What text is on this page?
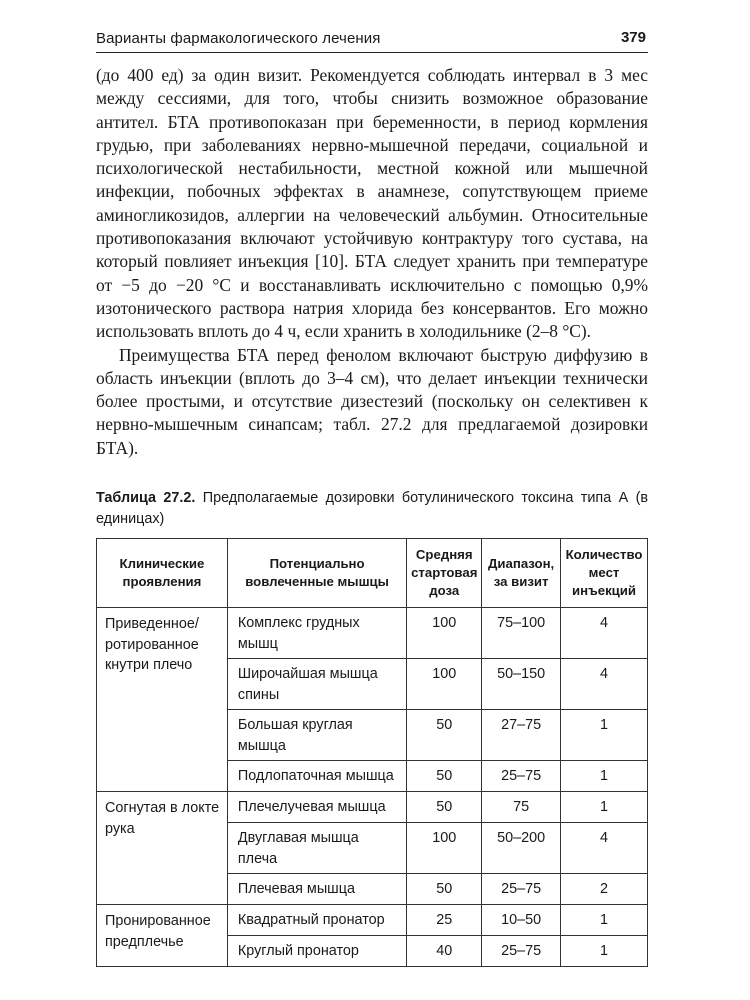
Варианты фармакологического лечения	379

(до 400 ед) за один визит. Рекомендуется соблюдать интервал в 3 мес между сессиями, для того, чтобы снизить возможное образование антител. БТА противопоказан при беременности, в период кормления грудью, при заболеваниях нервно-мышечной передачи, социальной и психологической нестабильности, местной кожной или мышечной инфекции, побочных эффектах в анамнезе, сопутствующем приеме аминогликозидов, аллергии на человеческий альбумин. Относительные противопоказания включают устойчивую контрактуру того сустава, на который повлияет инъекция [10]. БТА следует хранить при температуре от −5 до −20 °С и восстанавливать исключительно с помощью 0,9% изотонического раствора натрия хлорида без консервантов. Его можно использовать вплоть до 4 ч, если хранить в холодильнике (2–8 °С).

Преимущества БТА перед фенолом включают быструю диффузию в область инъекции (вплоть до 3–4 см), что делает инъекции технически более простыми, и отсутствие дизестезий (поскольку он селективен к нервно-мышечным синапсам; табл. 27.2 для предлагаемой дозировки БТА).

Таблица 27.2. Предполагаемые дозировки ботулинического токсина типа А (в единицах)
Клинические проявления	Потенциально вовлеченные мышцы	Средняя стартовая доза	Диапазон, за визит	Количество мест инъекций
Приведенное/ ротированное кнутри плечо	Комплекс грудных мышц	100	75–100	4
	Широчайшая мышца спины	100	50–150	4
	Большая круглая мышца	50	27–75	1
	Подлопаточная мышца	50	25–75	1
Согнутая в локте рука	Плечелучевая мышца	50	75	1
	Двуглавая мышца плеча	100	50–200	4
	Плечевая мышца	50	25–75	2
Пронированное предплечье	Квадратный пронатор	25	10–50	1
	Круглый пронатор	40	25–75	1
